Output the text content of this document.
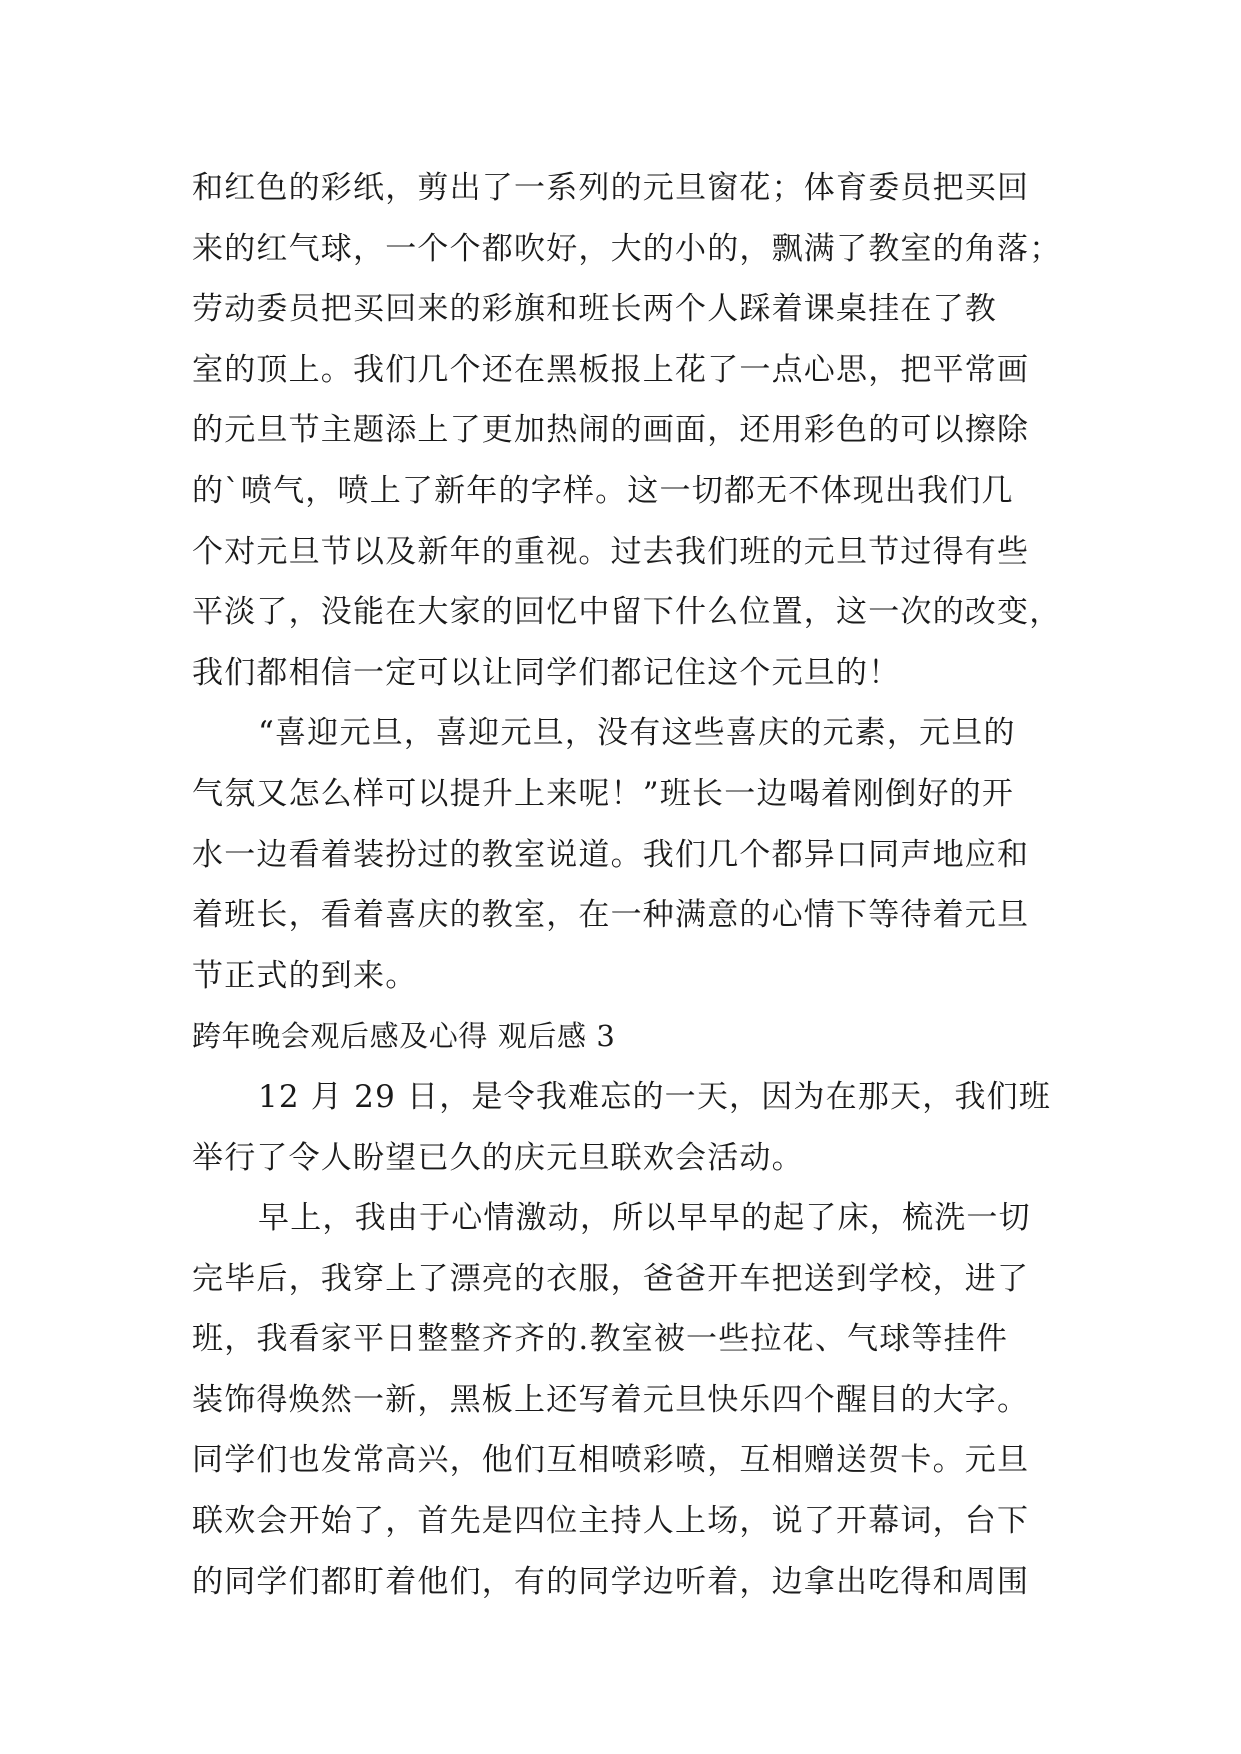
和红色的彩纸，剪出了一系列的元旦窗花；体育委员把买回
来的红气球，一个个都吹好，大的小的，飘满了教室的角落；
劳动委员把买回来的彩旗和班长两个人踩着课桌挂在了教
室的顶上。我们几个还在黑板报上花了一点心思，把平常画
的元旦节主题添上了更加热闹的画面，还用彩色的可以擦除
的`喷气，喷上了新年的字样。这一切都无不体现出我们几
个对元旦节以及新年的重视。过去我们班的元旦节过得有些
平淡了，没能在大家的回忆中留下什么位置，这一次的改变，
我们都相信一定可以让同学们都记住这个元旦的！
“喜迎元旦，喜迎元旦，没有这些喜庆的元素，元旦的
气氛又怎么样可以提升上来呢！”班长一边喝着刚倒好的开
水一边看着装扮过的教室说道。我们几个都异口同声地应和
着班长，看着喜庆的教室，在一种满意的心情下等待着元旦
节正式的到来。
跨年晚会观后感及心得 观后感 3
12 月 29 日，是令我难忘的一天，因为在那天，我们班
举行了令人盼望已久的庆元旦联欢会活动。
早上，我由于心情激动，所以早早的起了床，梳洗一切
完毕后，我穿上了漂亮的衣服，爸爸开车把送到学校，进了
班，我看家平日整整齐齐的.教室被一些拉花、气球等挂件
装饰得焕然一新，黑板上还写着元旦快乐四个醒目的大字。
同学们也发常高兴，他们互相喷彩喷，互相赠送贺卡。元旦
联欢会开始了，首先是四位主持人上场，说了开幕词，台下
的同学们都盯着他们，有的同学边听着，边拿出吃得和周围
